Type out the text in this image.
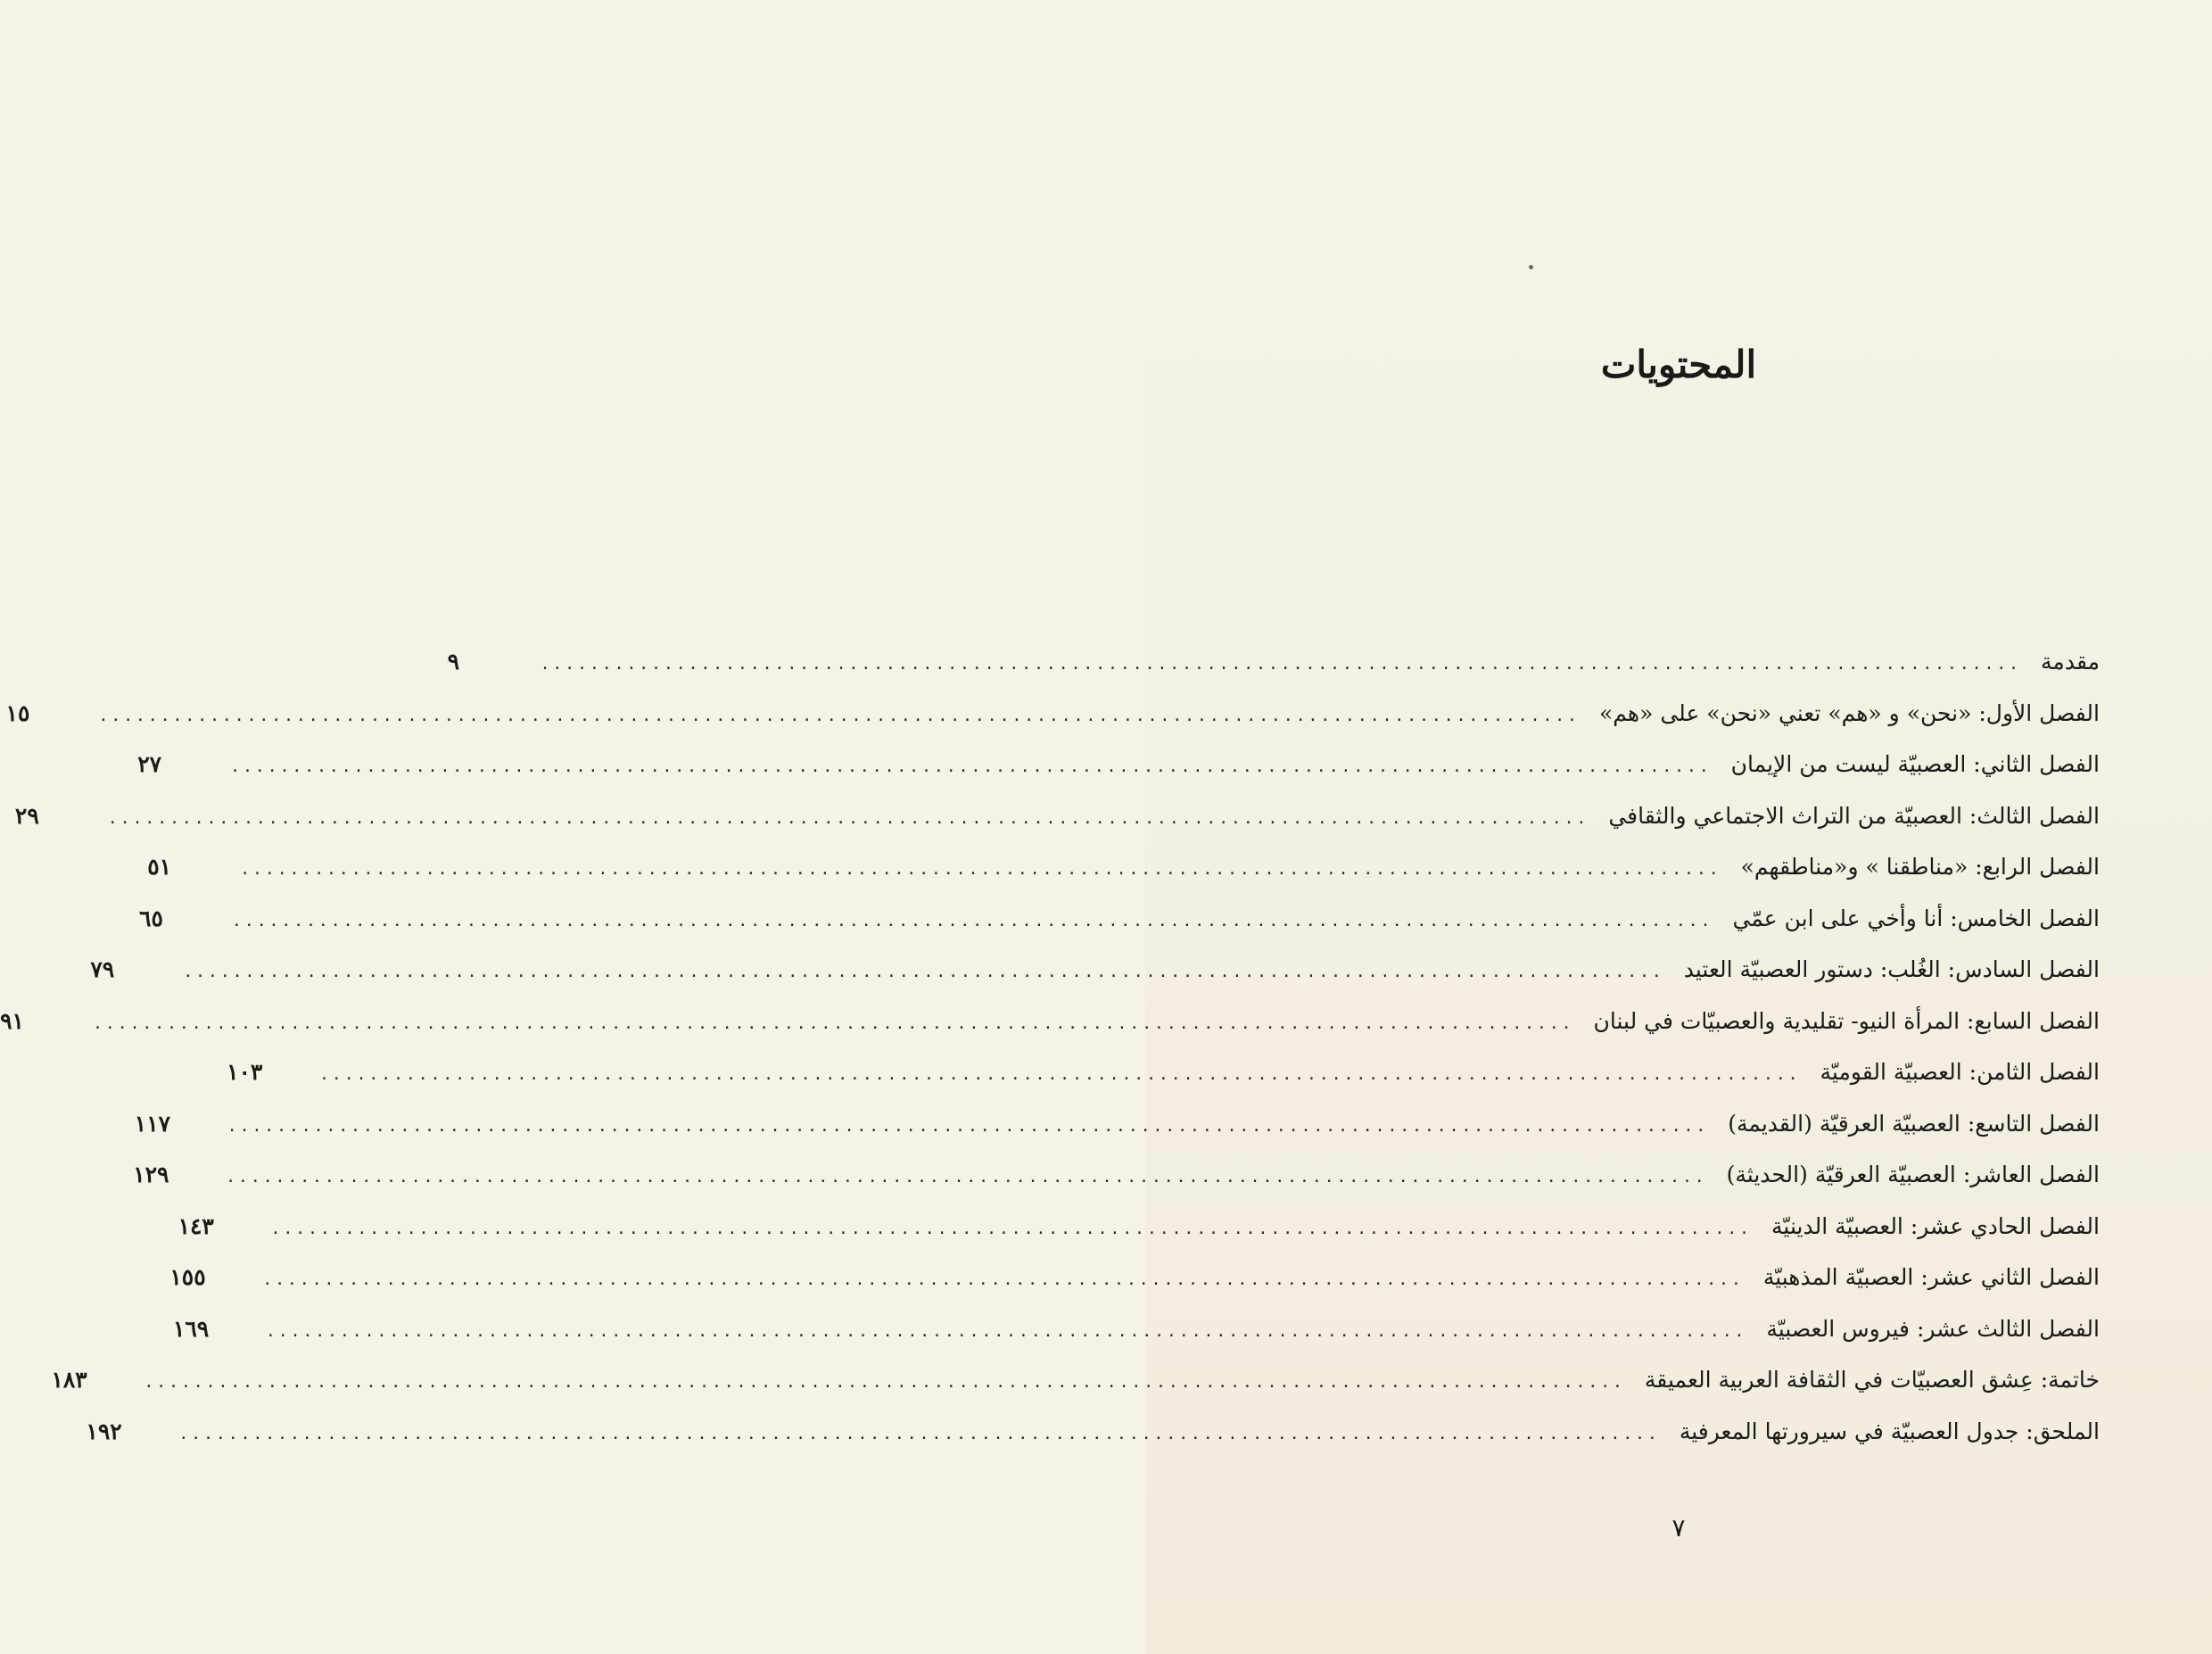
المحتويات
مقدمة
........................................................................................................................
٩
الفصل الأول: «نحن» و «هم» تعني «نحن» على «هم»
........................................................................................................................
١٥
الفصل الثاني: العصبيّة ليست من الإيمان
........................................................................................................................
٢٧
الفصل الثالث: العصبيّة من التراث الاجتماعي والثقافي
........................................................................................................................
٢٩
الفصل الرابع: «مناطقنا » و«مناطقهم»
........................................................................................................................
٥١
الفصل الخامس: أنا وأخي على ابن عمّي
........................................................................................................................
٦٥
الفصل السادس: الغُلب: دستور العصبيّة العتيد
........................................................................................................................
٧٩
الفصل السابع: المرأة النيو- تقليدية والعصبيّات في لبنان
........................................................................................................................
٩١
الفصل الثامن: العصبيّة القوميّة
........................................................................................................................
١٠٣
الفصل التاسع: العصبيّة العرقيّة (القديمة)
........................................................................................................................
١١٧
الفصل العاشر: العصبيّة العرقيّة (الحديثة)
........................................................................................................................
١٢٩
الفصل الحادي عشر: العصبيّة الدينيّة
........................................................................................................................
١٤٣
الفصل الثاني عشر: العصبيّة المذهبيّة
........................................................................................................................
١٥٥
الفصل الثالث عشر: فيروس العصبيّة
........................................................................................................................
١٦٩
خاتمة: عِشق العصبيّات في الثقافة العربية العميقة
........................................................................................................................
١٨٣
الملحق: جدول العصبيّة في سيرورتها المعرفية
........................................................................................................................
١٩٢
٧
